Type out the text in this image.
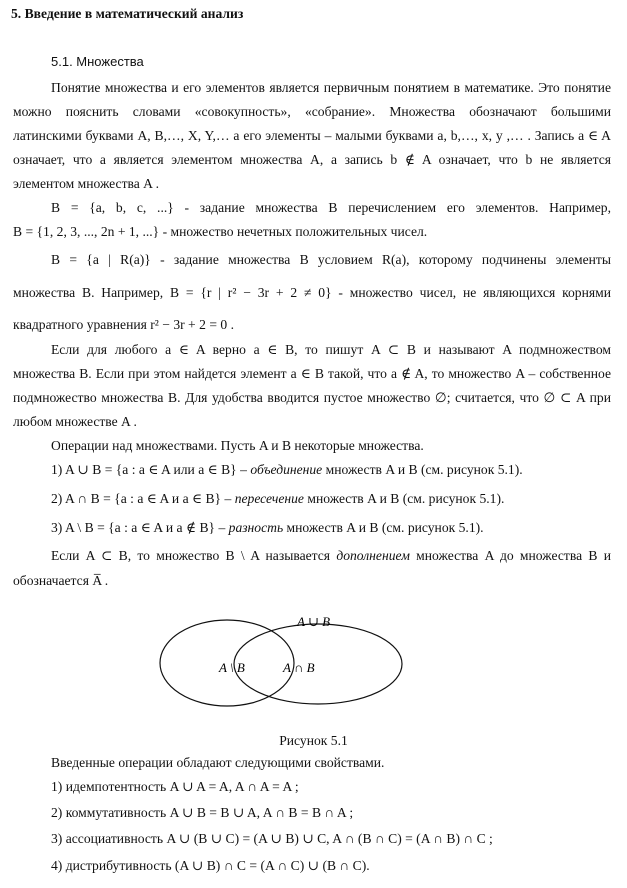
5. Введение в математический анализ
5.1. Множества
Понятие множества и его элементов является первичным понятием в математике. Это понятие
можно пояснить словами «совокупность», «собрание». Множества обозначают большими
латинскими буквами A, B,…, X, Y,… а его элементы – малыми буквами a, b,…, x, y ,… . Запись a ∈ A
означает, что a является элементом множества A, а запись b ∉ A означает, что b не является
элементом множества A .
B = {a, b, c, ...} - задание множества B перечислением его элементов. Например,
B = {1, 2, 3, ..., 2n + 1, ...} - множество нечетных положительных чисел.
B = {a | R(a)} - задание множества B условием R(a), которому подчинены элементы
множества B. Например, B = {r | r² − 3r + 2 ≠ 0} - множество чисел, не являющихся корнями
квадратного уравнения r² − 3r + 2 = 0 .
Если для любого a ∈ A верно a ∈ B, то пишут A ⊂ B и называют A подмножеством
множества B. Если при этом найдется элемент a ∈ B такой, что a ∉ A, то множество A – собственное
подмножество множества B. Для удобства вводится пустое множество ∅; считается, что ∅ ⊂ A при
любом множестве A .
Операции над множествами. Пусть A и B некоторые множества.
1) A ∪ B = {a : a ∈ A или a ∈ B} – объединение множеств A и B (см. рисунок 5.1).
2) A ∩ B = {a : a ∈ A и a ∈ B} – пересечение множеств A и B (см. рисунок 5.1).
3) A \ B = {a : a ∈ A и a ∉ B} – разность множеств A и B (см. рисунок 5.1).
Если A ⊂ B, то множество B \ A называется дополнением множества A до множества B и
обозначается A̅ .
A ∪ B
A \ B	A ∩ B
Рисунок 5.1
Введенные операции обладают следующими свойствами.
1) идемпотентность A ∪ A = A, A ∩ A = A ;
2) коммутативность A ∪ B = B ∪ A, A ∩ B = B ∩ A ;
3) ассоциативность A ∪ (B ∪ C) = (A ∪ B) ∪ C, A ∩ (B ∩ C) = (A ∩ B) ∩ C ;
4) дистрибутивность (A ∪ B) ∩ C = (A ∩ C) ∪ (B ∩ C).
